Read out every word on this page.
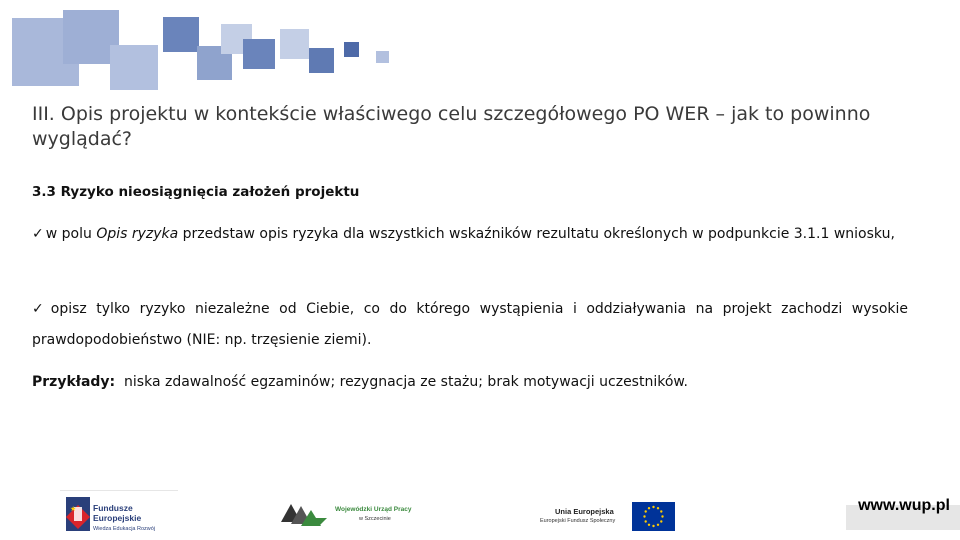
III. Opis projektu w kontekście właściwego celu szczegółowego PO WER – jak to powinno wyglądać?
3.3 Ryzyko nieosiągnięcia założeń projektu

✓ w polu Opis ryzyka przedstaw opis ryzyka dla wszystkich wskaźników rezultatu określonych w podpunkcie 3.1.1 wniosku,

✓ opisz tylko ryzyko niezależne od Ciebie, co do którego wystąpienia i oddziaływania na projekt zachodzi wysokie prawdopodobieństwo (NIE: np. trzęsienie ziemi).

Przykłady: niska zdawalność egzaminów; rezygnacja ze stażu; brak motywacji uczestników.

★ Fundusze
Europejskie
Wiedza Edukacja Rozwój
Wojewódzki Urząd Pracy
w Szczecinie
Unia Europejska
Europejski Fundusz Społeczny
www.wup.pl
